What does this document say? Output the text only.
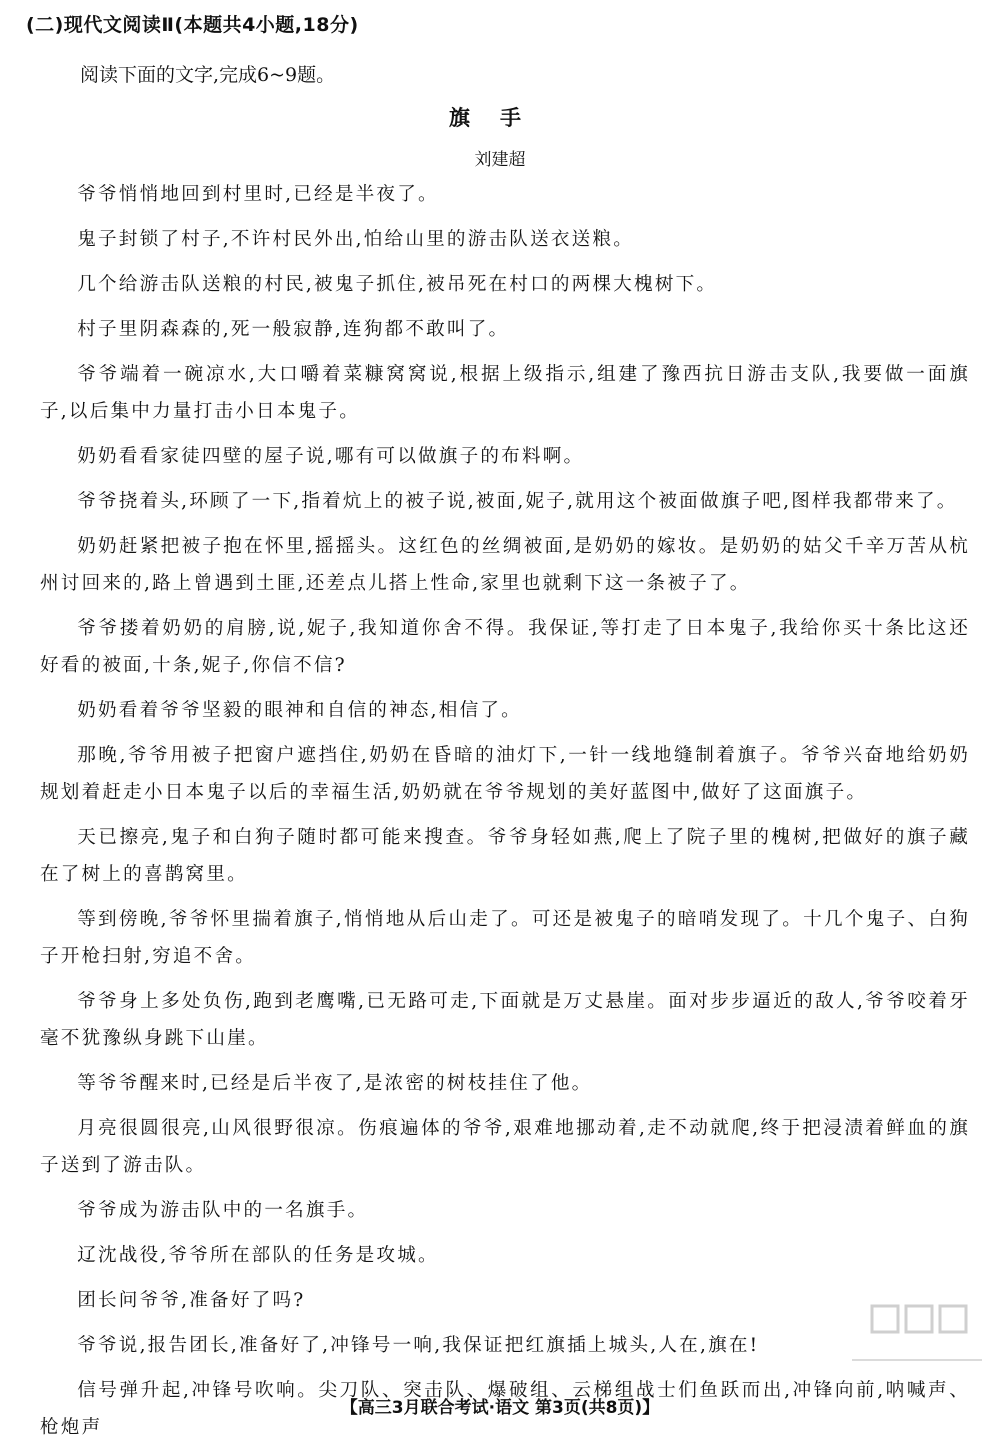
(二)现代文阅读Ⅱ(本题共4小题,18分)
阅读下面的文字,完成6~9题。
旗手
刘建超

爷爷悄悄地回到村里时,已经是半夜了。

鬼子封锁了村子,不许村民外出,怕给山里的游击队送衣送粮。

几个给游击队送粮的村民,被鬼子抓住,被吊死在村口的两棵大槐树下。

村子里阴森森的,死一般寂静,连狗都不敢叫了。

爷爷端着一碗凉水,大口嚼着菜糠窝窝说,根据上级指示,组建了豫西抗日游击支队,我要做一面旗子,以后集中力量打击小日本鬼子。

奶奶看看家徒四壁的屋子说,哪有可以做旗子的布料啊。

爷爷挠着头,环顾了一下,指着炕上的被子说,被面,妮子,就用这个被面做旗子吧,图样我都带来了。

奶奶赶紧把被子抱在怀里,摇摇头。这红色的丝绸被面,是奶奶的嫁妆。是奶奶的姑父千辛万苦从杭州讨回来的,路上曾遇到土匪,还差点儿搭上性命,家里也就剩下这一条被子了。

爷爷搂着奶奶的肩膀,说,妮子,我知道你舍不得。我保证,等打走了日本鬼子,我给你买十条比这还好看的被面,十条,妮子,你信不信?

奶奶看着爷爷坚毅的眼神和自信的神态,相信了。

那晚,爷爷用被子把窗户遮挡住,奶奶在昏暗的油灯下,一针一线地缝制着旗子。爷爷兴奋地给奶奶规划着赶走小日本鬼子以后的幸福生活,奶奶就在爷爷规划的美好蓝图中,做好了这面旗子。

天已擦亮,鬼子和白狗子随时都可能来搜查。爷爷身轻如燕,爬上了院子里的槐树,把做好的旗子藏在了树上的喜鹊窝里。

等到傍晚,爷爷怀里揣着旗子,悄悄地从后山走了。可还是被鬼子的暗哨发现了。十几个鬼子、白狗子开枪扫射,穷追不舍。

爷爷身上多处负伤,跑到老鹰嘴,已无路可走,下面就是万丈悬崖。面对步步逼近的敌人,爷爷咬着牙毫不犹豫纵身跳下山崖。

等爷爷醒来时,已经是后半夜了,是浓密的树枝挂住了他。

月亮很圆很亮,山风很野很凉。伤痕遍体的爷爷,艰难地挪动着,走不动就爬,终于把浸渍着鲜血的旗子送到了游击队。

爷爷成为游击队中的一名旗手。

辽沈战役,爷爷所在部队的任务是攻城。

团长问爷爷,准备好了吗?

爷爷说,报告团长,准备好了,冲锋号一响,我保证把红旗插上城头,人在,旗在!

信号弹升起,冲锋号吹响。尖刀队、突击队、爆破组、云梯组战士们鱼跃而出,冲锋向前,呐喊声、枪炮声

【高三3月联合考试·语文 第3页(共8页)】
